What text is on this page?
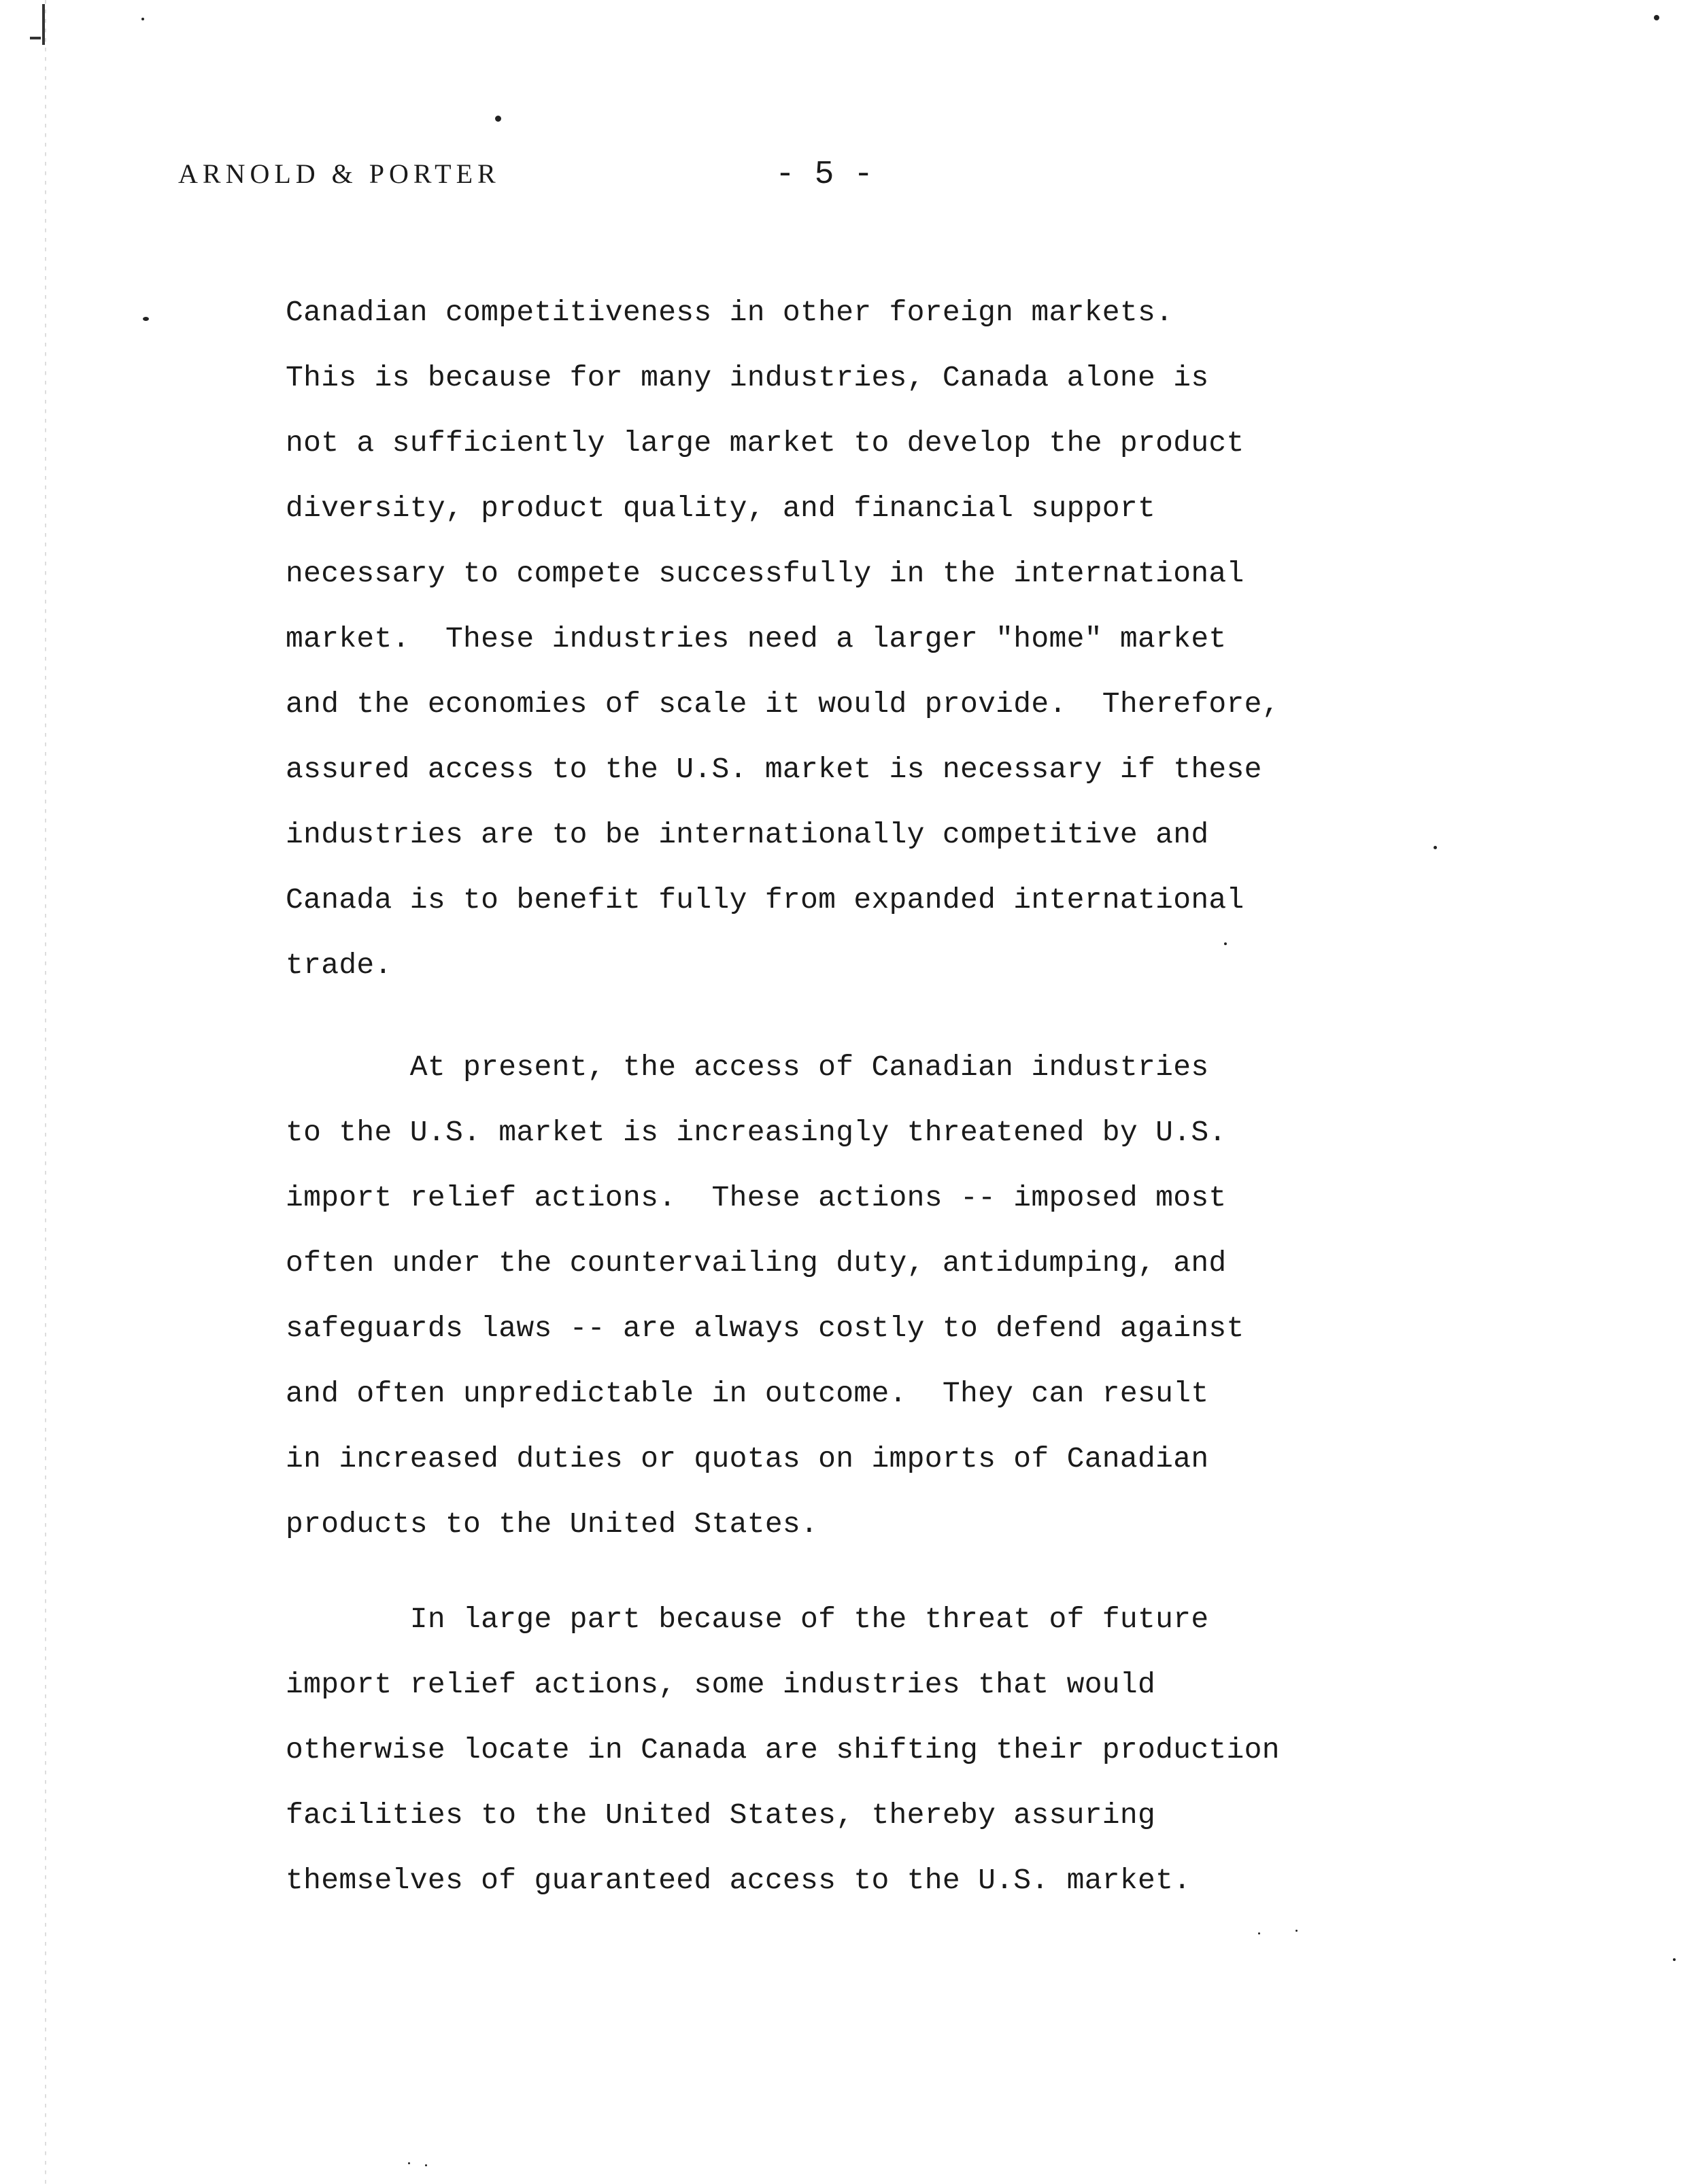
ARNOLD & PORTER	- 5 -
Canadian competitiveness in other foreign markets.
This is because for many industries, Canada alone is
not a sufficiently large market to develop the product
diversity, product quality, and financial support
necessary to compete successfully in the international
market.  These industries need a larger "home" market
and the economies of scale it would provide.  Therefore,
assured access to the U.S. market is necessary if these
industries are to be internationally competitive and
Canada is to benefit fully from expanded international
trade.
At present, the access of Canadian industries
to the U.S. market is increasingly threatened by U.S.
import relief actions.  These actions -- imposed most
often under the countervailing duty, antidumping, and
safeguards laws -- are always costly to defend against
and often unpredictable in outcome.  They can result
in increased duties or quotas on imports of Canadian
products to the United States.
In large part because of the threat of future
import relief actions, some industries that would
otherwise locate in Canada are shifting their production
facilities to the United States, thereby assuring
themselves of guaranteed access to the U.S. market.
